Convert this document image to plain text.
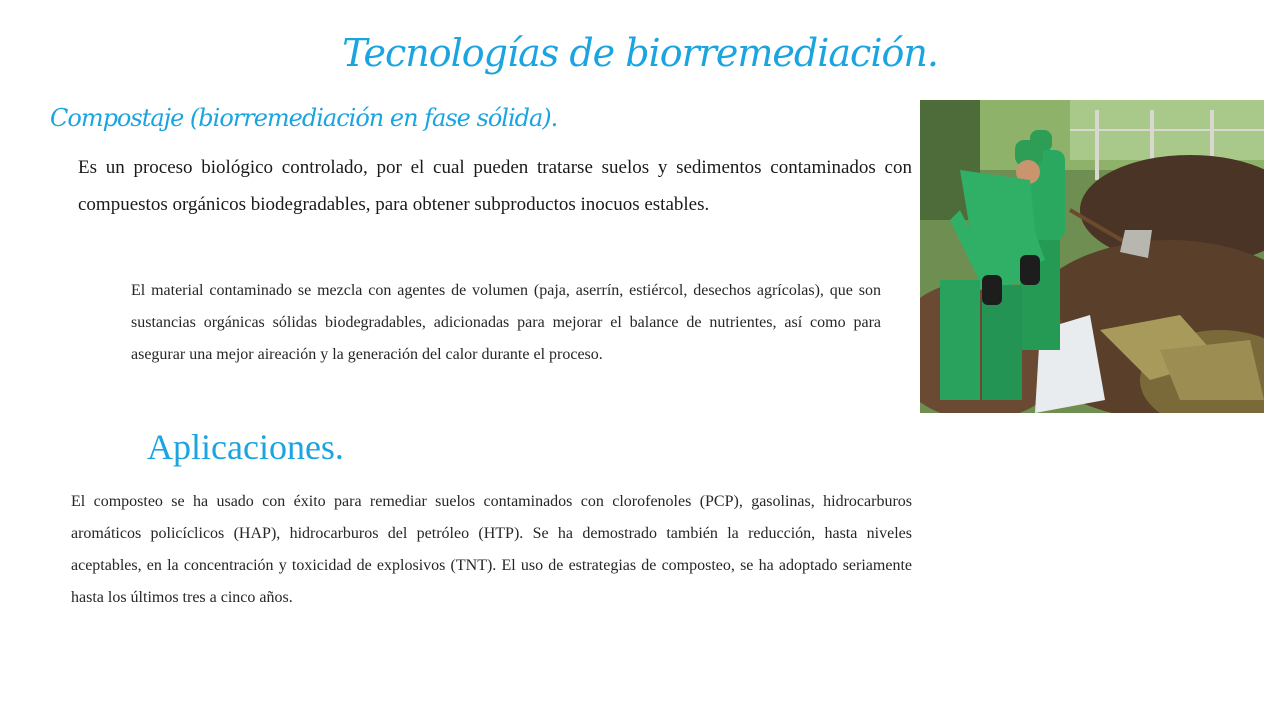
Tecnologías de biorremediación.
Compostaje (biorremediación en fase sólida).
Es un proceso biológico controlado, por el cual pueden tratarse suelos y sedimentos contaminados con compuestos orgánicos biodegradables, para obtener subproductos inocuos estables.
El material contaminado se mezcla con agentes de volumen (paja, aserrín, estiércol, desechos agrícolas), que son sustancias orgánicas sólidas biodegradables, adicionadas para mejorar el balance de nutrientes, así como para asegurar una mejor aireación y la generación del calor durante el proceso.
Aplicaciones.
El composteo se ha usado con éxito para remediar suelos contaminados con clorofenoles (PCP), gasolinas, hidrocarburos aromáticos policíclicos (HAP), hidrocarburos del petróleo (HTP). Se ha demostrado también la reducción, hasta niveles aceptables, en la concentración y toxicidad de explosivos (TNT). El uso de estrategias de composteo, se ha adoptado seriamente hasta los últimos tres a cinco años.
